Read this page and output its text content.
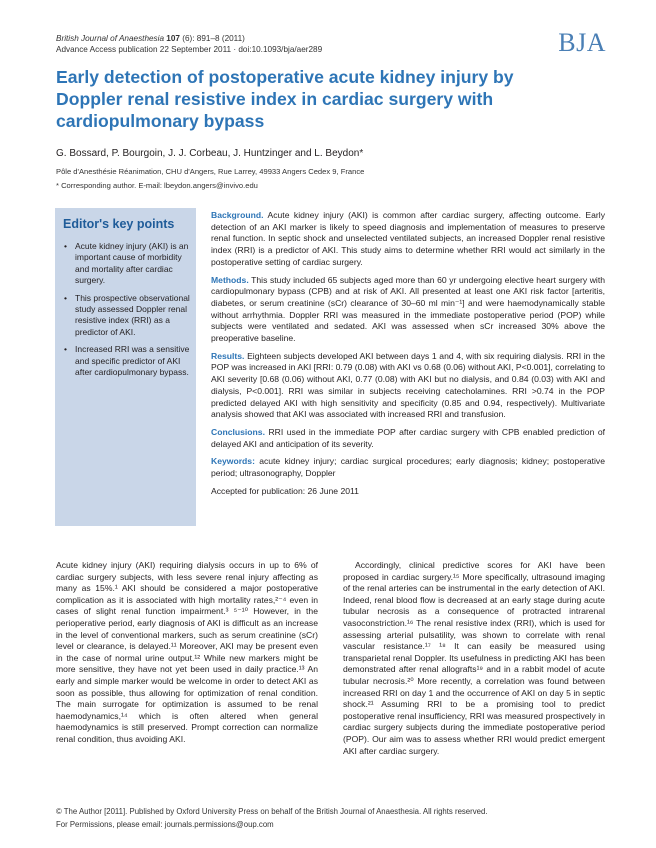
British Journal of Anaesthesia 107 (6): 891–8 (2011)
Advance Access publication 22 September 2011 · doi:10.1093/bja/aer289	BJA
Early detection of postoperative acute kidney injury by Doppler renal resistive index in cardiac surgery with cardiopulmonary bypass
G. Bossard, P. Bourgoin, J. J. Corbeau, J. Huntzinger and L. Beydon*
Pôle d'Anesthésie Réanimation, CHU d'Angers, Rue Larrey, 49933 Angers Cedex 9, France
* Corresponding author. E-mail: lbeydon.angers@invivo.edu
Editor's key points
• Acute kidney injury (AKI) is an important cause of morbidity and mortality after cardiac surgery.
• This prospective observational study assessed Doppler renal resistive index (RRI) as a predictor of AKI.
• Increased RRI was a sensitive and specific predictor of AKI after cardiopulmonary bypass.

Background. Acute kidney injury (AKI) is common after cardiac surgery, affecting outcome. Early detection of an AKI marker is likely to speed diagnosis and implementation of measures to preserve renal function. In septic shock and unselected ventilated subjects, an increased Doppler renal resistive index (RRI) is a predictor of AKI. This study aims to determine whether RRI would act similarly in the postoperative setting of cardiac surgery.

Methods. This study included 65 subjects aged more than 60 yr undergoing elective heart surgery with cardiopulmonary bypass (CPB) and at risk of AKI. All presented at least one AKI risk factor [arteritis, diabetes, or serum creatinine (sCr) clearance of 30–60 ml min⁻¹] and were haemodynamically stable without arrhythmia. Doppler RRI was measured in the immediate postoperative period (POP) while subjects were ventilated and sedated. AKI was assessed when sCr increased 30% above the preoperative baseline.

Results. Eighteen subjects developed AKI between days 1 and 4, with six requiring dialysis. RRI in the POP was increased in AKI [RRI: 0.79 (0.08) with AKI vs 0.68 (0.06) without AKI, P<0.001], correlating to AKI severity [0.68 (0.06) without AKI, 0.77 (0.08) with AKI but no dialysis, and 0.84 (0.03) with AKI and dialysis, P<0.001]. RRI was similar in subjects receiving catecholamines. RRI >0.74 in the POP predicted delayed AKI with high sensitivity and specificity (0.85 and 0.94, respectively). Multivariate analysis showed that AKI was associated with increased RRI and transfusion.

Conclusions. RRI used in the immediate POP after cardiac surgery with CPB enabled prediction of delayed AKI and anticipation of its severity.

Keywords: acute kidney injury; cardiac surgical procedures; early diagnosis; kidney; postoperative period; ultrasonography, Doppler

Accepted for publication: 26 June 2011

Acute kidney injury (AKI) requiring dialysis occurs in up to 6% of cardiac surgery subjects, with less severe renal injury affecting as many as 15%.¹ AKI should be considered a major postoperative complication as it is associated with high mortality rates,²⁻⁴ even in cases of slight renal function impairment.³ ⁵⁻¹⁰ However, in the perioperative period, early diagnosis of AKI is difficult as an increase in the level of conventional markers, such as serum creatinine (sCr) level or clearance, is delayed.¹¹ Moreover, AKI may be present even in the case of normal urine output.¹² While new markers might be more sensitive, they have not yet been used in daily practice.¹³ An early and simple marker would be welcome in order to detect AKI as soon as possible, thus allowing for optimization of renal condition. The main surrogate for optimization is assumed to be renal haemodynamics,¹⁴ which is often altered when general haemodynamics is still preserved. Prompt correction can normalize renal condition, thus avoiding AKI.

Accordingly, clinical predictive scores for AKI have been proposed in cardiac surgery.¹⁵ More specifically, ultrasound imaging of the renal arteries can be instrumental in the early detection of AKI. Indeed, renal blood flow is decreased at an early stage during acute tubular necrosis as a consequence of protracted intrarenal vasoconstriction.¹⁶ The renal resistive index (RRI), which is used for assessing arterial pulsatility, was shown to correlate with renal vascular resistance.¹⁷ ¹⁸ It can easily be measured using transparietal renal Doppler. Its usefulness in predicting AKI has been demonstrated after renal allografts¹⁹ and in a rabbit model of acute tubular necrosis.²⁰ More recently, a correlation was found between increased RRI on day 1 and the occurrence of AKI on day 5 in septic shock.²¹ Assuming RRI to be a promising tool to predict postoperative renal insufficiency, RRI was measured prospectively in cardiac surgery subjects during the immediate postoperative period (POP). Our aim was to assess whether RRI would predict emergent AKI after cardiac surgery.

© The Author [2011]. Published by Oxford University Press on behalf of the British Journal of Anaesthesia. All rights reserved.
For Permissions, please email: journals.permissions@oup.com
